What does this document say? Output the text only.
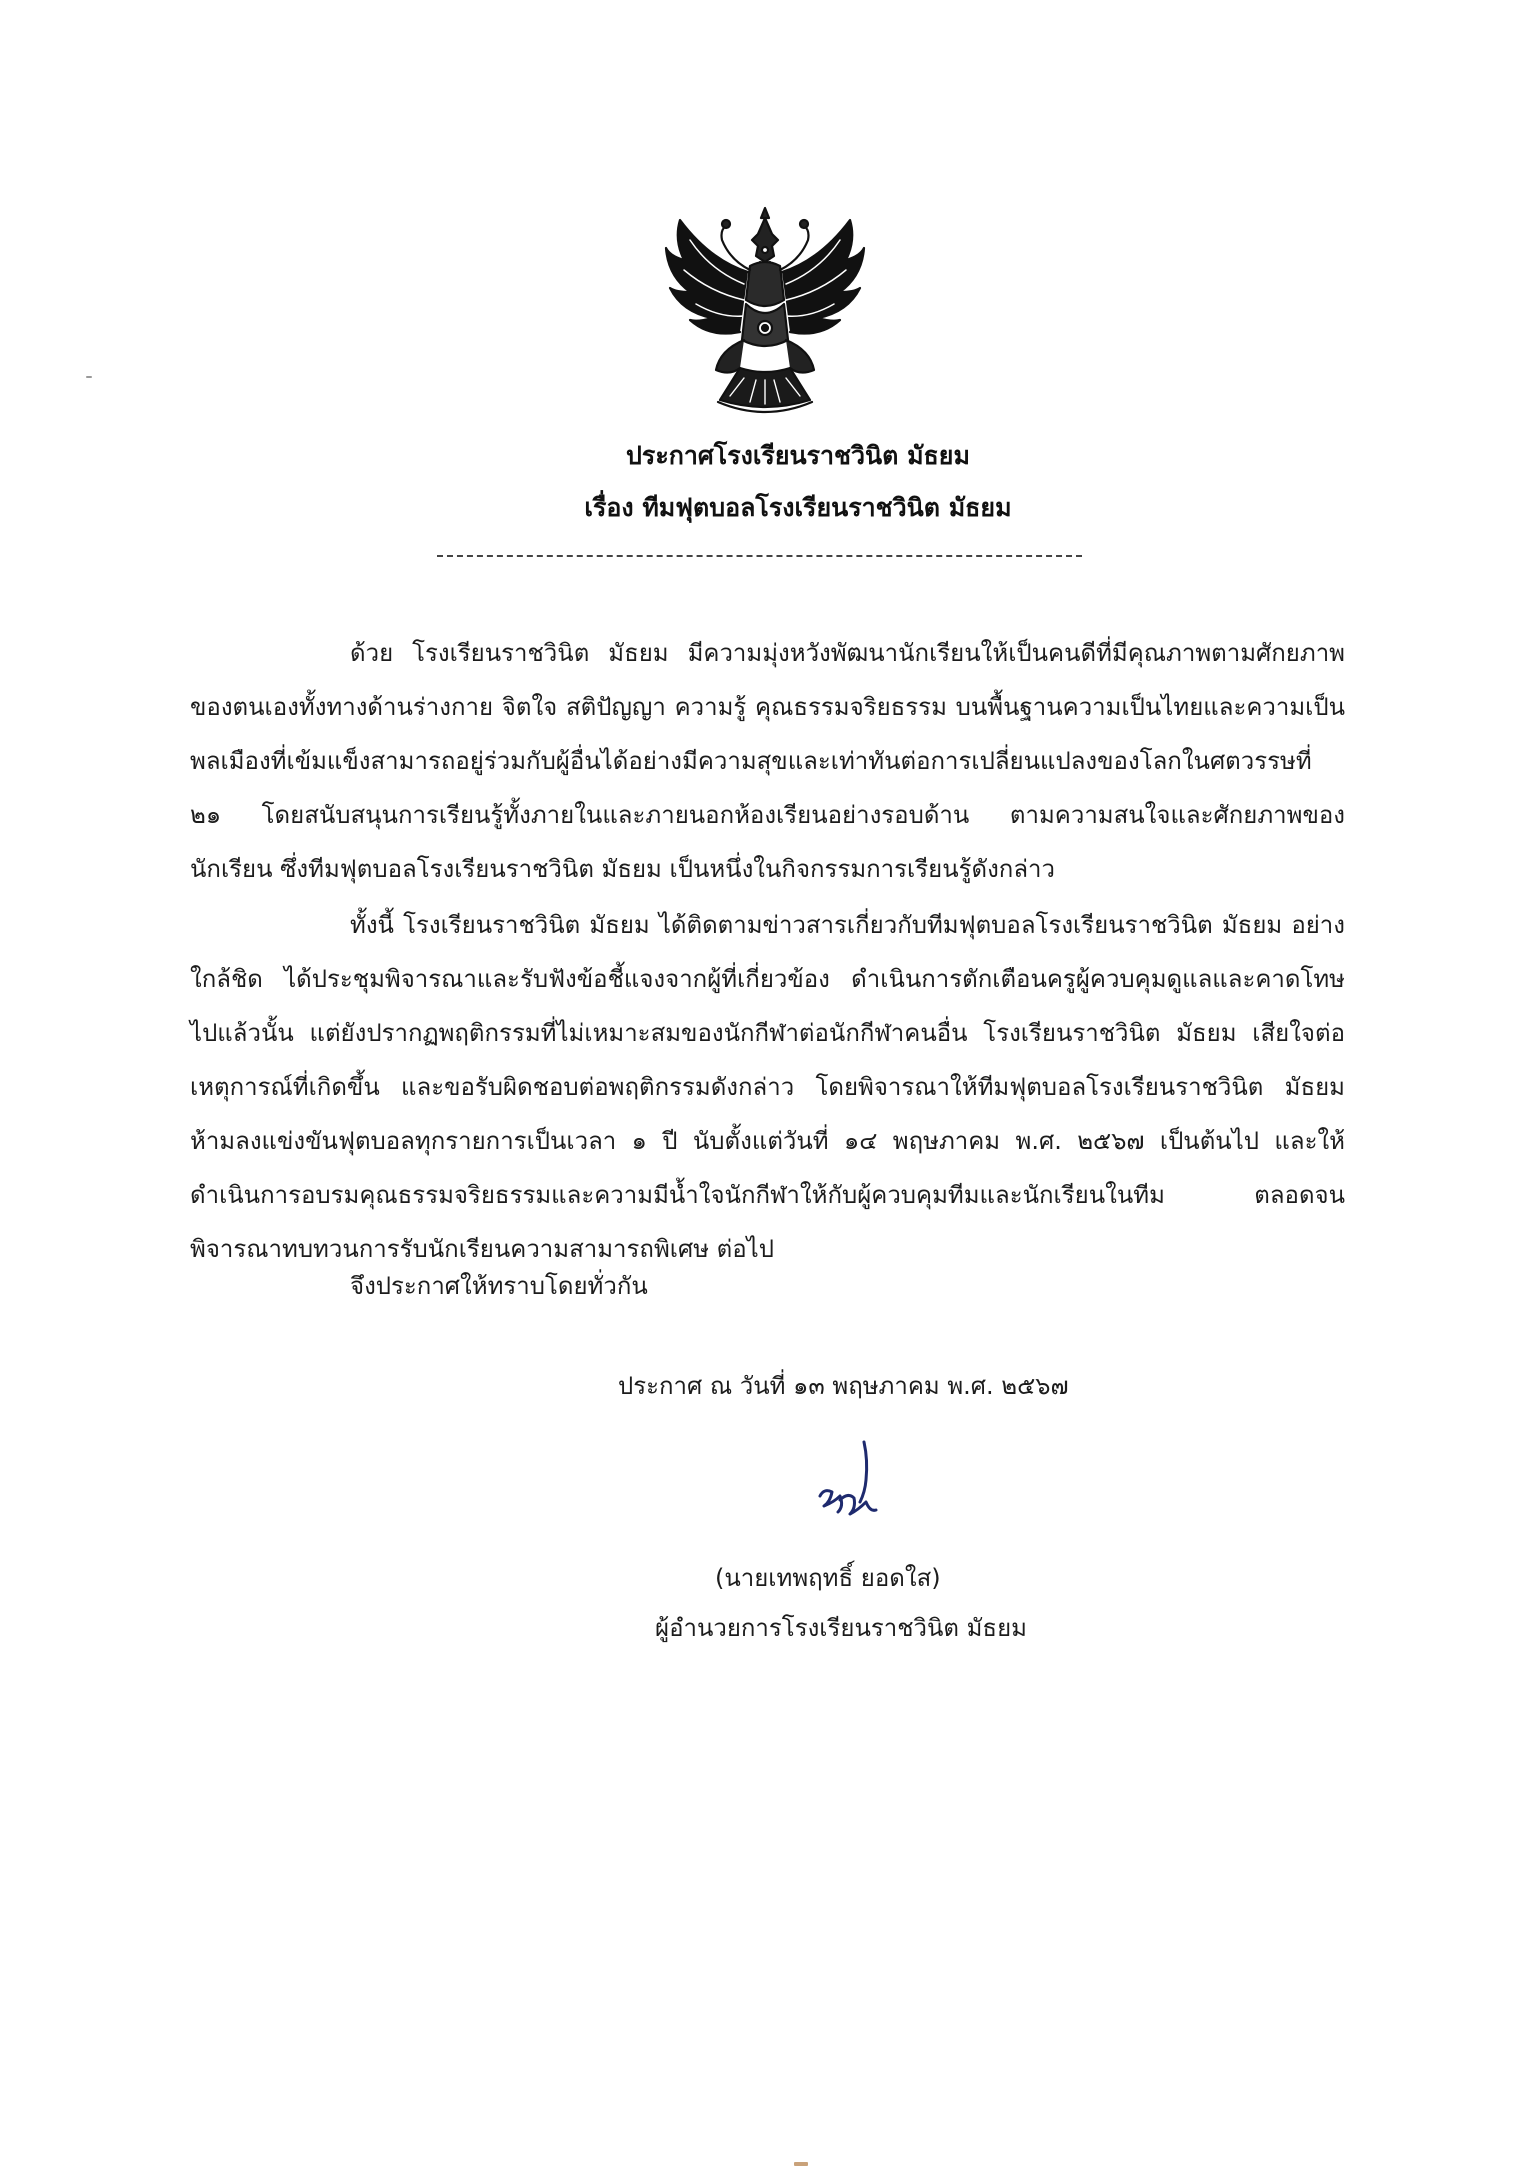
ประกาศโรงเรียนราชวินิต มัธยม
เรื่อง ทีมฟุตบอลโรงเรียนราชวินิต มัธยม
ด้วย โรงเรียนราชวินิต มัธยม มีความมุ่งหวังพัฒนานักเรียนให้เป็นคนดีที่มีคุณภาพตามศักยภาพของตนเองทั้งทางด้านร่างกาย จิตใจ สติปัญญา ความรู้ คุณธรรมจริยธรรม บนพื้นฐานความเป็นไทยและความเป็นพลเมืองที่เข้มแข็งสามารถอยู่ร่วมกับผู้อื่นได้อย่างมีความสุขและเท่าทันต่อการเปลี่ยนแปลงของโลกในศตวรรษที่ ๒๑ โดยสนับสนุนการเรียนรู้ทั้งภายในและภายนอกห้องเรียนอย่างรอบด้าน ตามความสนใจและศักยภาพของนักเรียน ซึ่งทีมฟุตบอลโรงเรียนราชวินิต มัธยม เป็นหนึ่งในกิจกรรมการเรียนรู้ดังกล่าว
ทั้งนี้ โรงเรียนราชวินิต มัธยม ได้ติดตามข่าวสารเกี่ยวกับทีมฟุตบอลโรงเรียนราชวินิต มัธยม อย่างใกล้ชิด ได้ประชุมพิจารณาและรับฟังข้อชี้แจงจากผู้ที่เกี่ยวข้อง ดำเนินการตักเตือนครูผู้ควบคุมดูแลและคาดโทษไปแล้วนั้น แต่ยังปรากฏพฤติกรรมที่ไม่เหมาะสมของนักกีฬาต่อนักกีฬาคนอื่น โรงเรียนราชวินิต มัธยม เสียใจต่อเหตุการณ์ที่เกิดขึ้น และขอรับผิดชอบต่อพฤติกรรมดังกล่าว โดยพิจารณาให้ทีมฟุตบอลโรงเรียนราชวินิต มัธยม ห้ามลงแข่งขันฟุตบอลทุกรายการเป็นเวลา ๑ ปี นับตั้งแต่วันที่ ๑๔ พฤษภาคม พ.ศ. ๒๕๖๗ เป็นต้นไป และให้ดำเนินการอบรมคุณธรรมจริยธรรมและความมีน้ำใจนักกีฬาให้กับผู้ควบคุมทีมและนักเรียนในทีม ตลอดจนพิจารณาทบทวนการรับนักเรียนความสามารถพิเศษ ต่อไป
จึงประกาศให้ทราบโดยทั่วกัน
ประกาศ ณ วันที่ ๑๓ พฤษภาคม พ.ศ. ๒๕๖๗
(นายเทพฤทธิ์ ยอดใส)
ผู้อำนวยการโรงเรียนราชวินิต มัธยม
